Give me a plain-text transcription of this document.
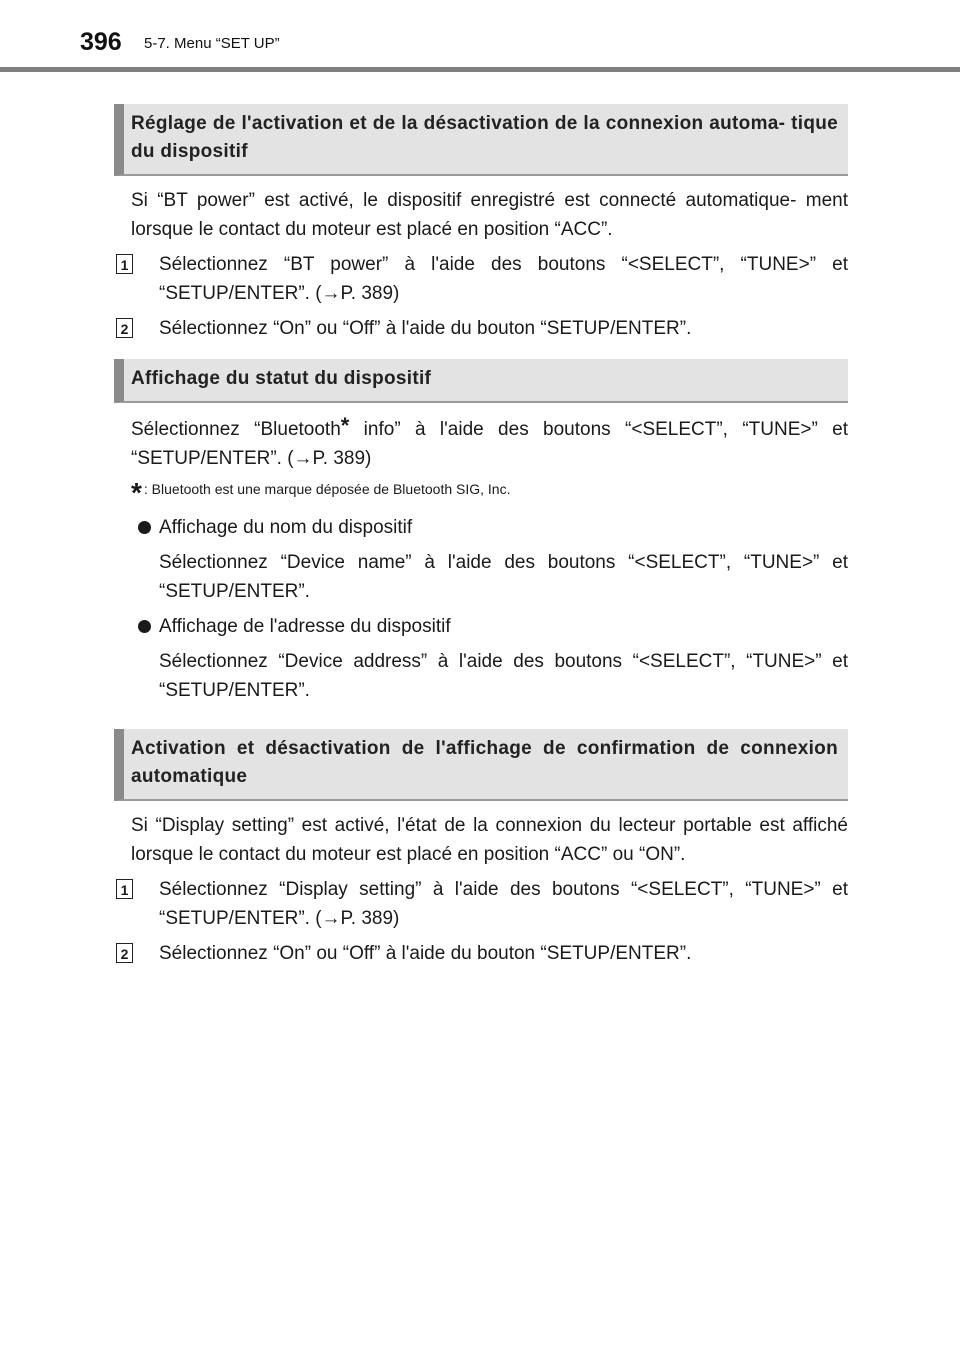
396 5-7. Menu “SET UP”
Réglage de l'activation et de la désactivation de la connexion automa- tique du dispositif

Si “BT power” est activé, le dispositif enregistré est connecté automatique- ment lorsque le contact du moteur est placé en position “ACC”.

1 Sélectionnez “BT power” à l'aide des boutons “<SELECT”, “TUNE>” et “SETUP/ENTER”. (→P. 389)
2 Sélectionnez “On” ou “Off” à l'aide du bouton “SETUP/ENTER”.
Affichage du statut du dispositif

Sélectionnez “Bluetooth* info” à l'aide des boutons “<SELECT”, “TUNE>” et “SETUP/ENTER”. (→P. 389)

* : Bluetooth est une marque déposée de Bluetooth SIG, Inc.
Affichage du nom du dispositif
Sélectionnez “Device name” à l'aide des boutons “<SELECT”, “TUNE>” et “SETUP/ENTER”.
Affichage de l'adresse du dispositif
Sélectionnez “Device address” à l'aide des boutons “<SELECT”, “TUNE>” et “SETUP/ENTER”.
Activation et désactivation de l'affichage de confirmation de connexion automatique

Si “Display setting” est activé, l'état de la connexion du lecteur portable est affiché lorsque le contact du moteur est placé en position “ACC” ou “ON”.

1 Sélectionnez “Display setting” à l'aide des boutons “<SELECT”, “TUNE>” et “SETUP/ENTER”. (→P. 389)
2 Sélectionnez “On” ou “Off” à l'aide du bouton “SETUP/ENTER”.
